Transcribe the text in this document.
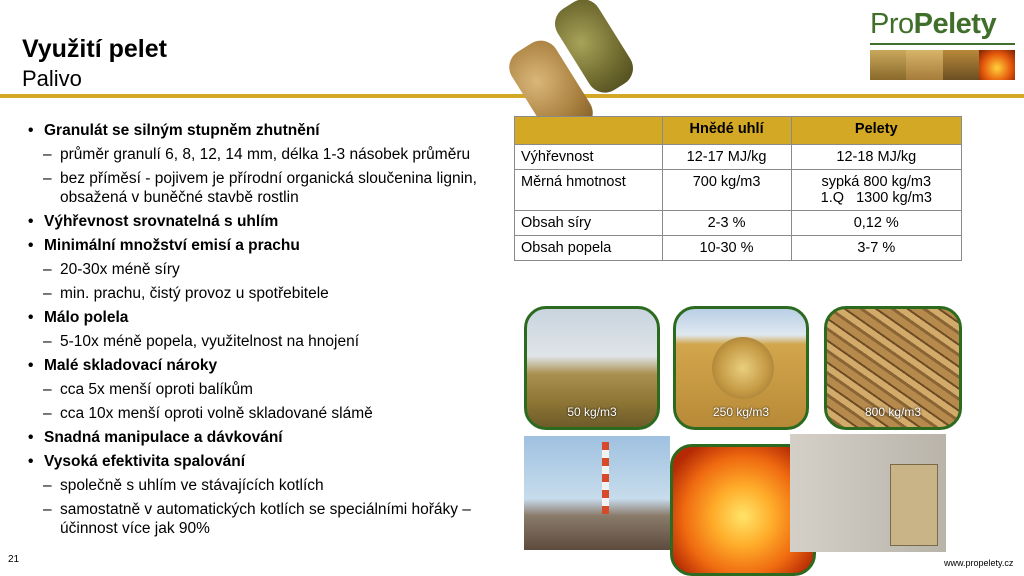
Využití pelet
Palivo
ProPelety
• Granulát se silným stupněm zhutnění
– průměr granulí 6, 8, 12, 14 mm, délka 1-3 násobek průměru
– bez příměsí - pojivem je přírodní organická sloučenina lignin, obsažená v buněčné stavbě rostlin
• Výhřevnost srovnatelná s uhlím
• Minimální množství emisí a prachu
– 20-30x méně síry
– min. prachu, čistý provoz u spotřebitele
• Málo polela
– 5-10x méně popela, využitelnost na hnojení
• Malé skladovací nároky
– cca 5x menší oproti balíkům
– cca 10x menší oproti volně skladované slámě
• Snadná manipulace a dávkování
• Vysoká efektivita spalování
– společně s uhlím ve stávajících kotlích
– samostatně v automatických kotlích se speciálními hořáky – účinnost více jak 90%
	Hnědé uhlí	Pelety
Výhřevnost	12-17 MJ/kg	12-18 MJ/kg
Měrná hmotnost	700 kg/m3	sypká 800 kg/m3
1.Q   1300 kg/m3

Obsah síry	2-3 %	0,12 %
Obsah popela	10-30 %	3-7 %
50 kg/m3	250 kg/m3	800 kg/m3
21	www.propelety.cz
